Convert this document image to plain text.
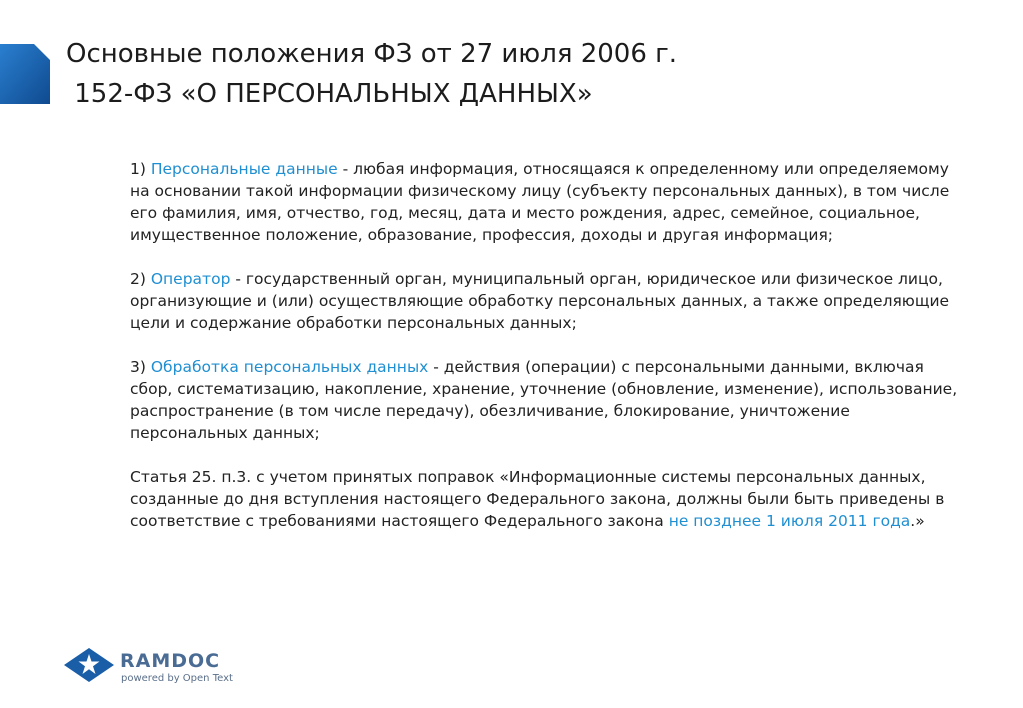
Основные положения ФЗ от 27 июля 2006 г.
152-ФЗ «О ПЕРСОНАЛЬНЫХ ДАННЫХ»

1) Персональные данные - любая информация, относящаяся к определенному или определяемому на основании такой информации физическому лицу (субъекту персональных данных), в том числе его фамилия, имя, отчество, год, месяц, дата и место рождения, адрес, семейное, социальное, имущественное положение, образование, профессия, доходы и другая информация;

2) Оператор - государственный орган, муниципальный орган, юридическое или физическое лицо, организующие и (или) осуществляющие обработку персональных данных, а также определяющие цели и содержание обработки персональных данных;

3) Обработка персональных данных - действия (операции) с персональными данными, включая сбор, систематизацию, накопление, хранение, уточнение (обновление, изменение), использование, распространение (в том числе передачу), обезличивание, блокирование, уничтожение персональных данных;

Статья 25. п.3. с учетом принятых поправок «Информационные системы персональных данных, созданные до дня вступления настоящего Федерального закона, должны были быть приведены в соответствие с требованиями настоящего Федерального закона не позднее 1 июля 2011 года.»

RAMDOC
powered by Open Text
